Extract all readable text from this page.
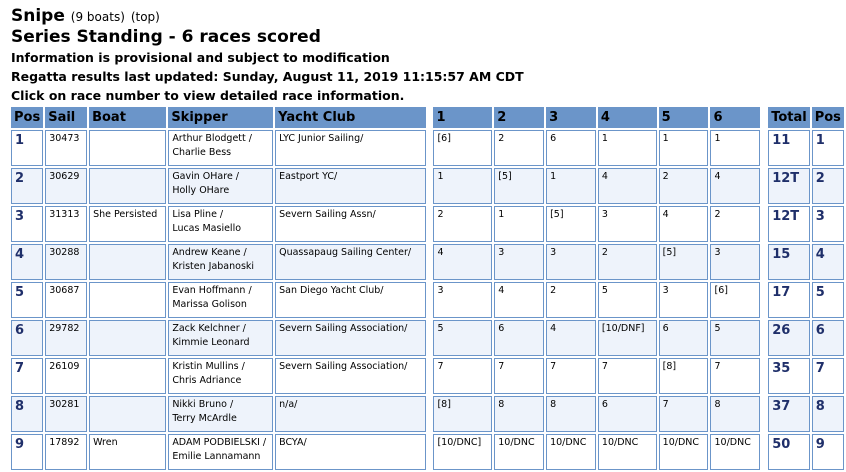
Snipe (9 boats) (top)
Series Standing - 6 races scored
Information is provisional and subject to modification
Regatta results last updated: Sunday, August 11, 2019 11:15:57 AM CDT
Click on race number to view detailed race information.
Pos	Sail	Boat	Skipper	Yacht Club		1	2	3	4	5	6		Total	Pos
1	30473		Arthur Blodgett /
Charlie Bess	LYC Junior Sailing/		[6]	2	6	1	1	1		11	1
2	30629		Gavin OHare /
Holly OHare	Eastport YC/		1	[5]	1	4	2	4		12T	2
3	31313	She Persisted	Lisa Pline /
Lucas Masiello	Severn Sailing Assn/		2	1	[5]	3	4	2		12T	3
4	30288		Andrew Keane /
Kristen Jabanoski	Quassapaug Sailing Center/		4	3	3	2	[5]	3		15	4
5	30687		Evan Hoffmann /
Marissa Golison	San Diego Yacht Club/		3	4	2	5	3	[6]		17	5
6	29782		Zack Kelchner /
Kimmie Leonard	Severn Sailing Association/		5	6	4	[10/DNF]	6	5		26	6
7	26109		Kristin Mullins /
Chris Adriance	Severn Sailing Association/		7	7	7	7	[8]	7		35	7
8	30281		Nikki Bruno /
Terry McArdle	n/a/		[8]	8	8	6	7	8		37	8
9	17892	Wren	ADAM PODBIELSKI /
Emilie Lannamann	BCYA/		[10/DNC]	10/DNC	10/DNC	10/DNC	10/DNC	10/DNC		50	9
